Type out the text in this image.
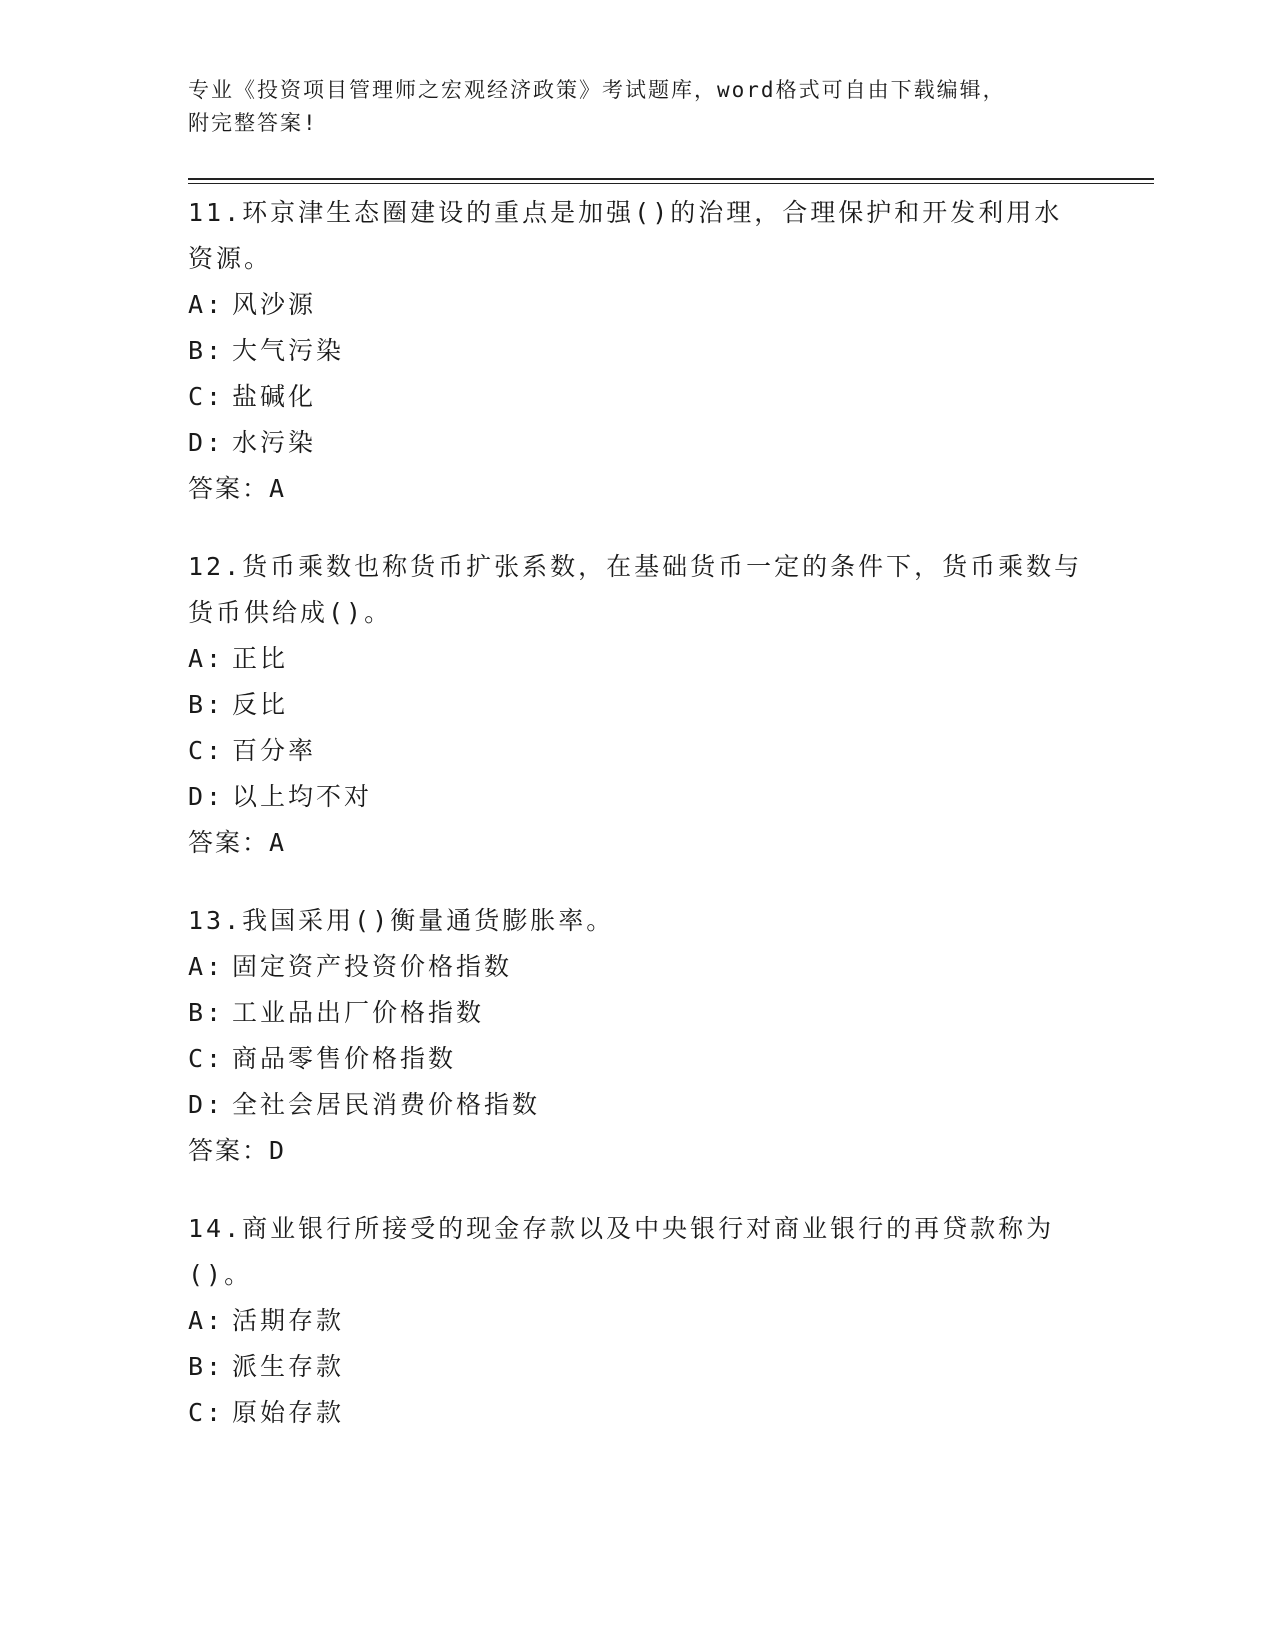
专业《投资项目管理师之宏观经济政策》考试题库，word格式可自由下载编辑，
附完整答案!
11.环京津生态圈建设的重点是加强()的治理，合理保护和开发利用水资源。
A: 风沙源
B: 大气污染
C: 盐碱化
D: 水污染
答案：A
12.货币乘数也称货币扩张系数，在基础货币一定的条件下，货币乘数与货币供给成()。
A: 正比
B: 反比
C: 百分率
D: 以上均不对
答案：A
13.我国采用()衡量通货膨胀率。
A: 固定资产投资价格指数
B: 工业品出厂价格指数
C: 商品零售价格指数
D: 全社会居民消费价格指数
答案：D
14.商业银行所接受的现金存款以及中央银行对商业银行的再贷款称为()。
A: 活期存款
B: 派生存款
C: 原始存款
